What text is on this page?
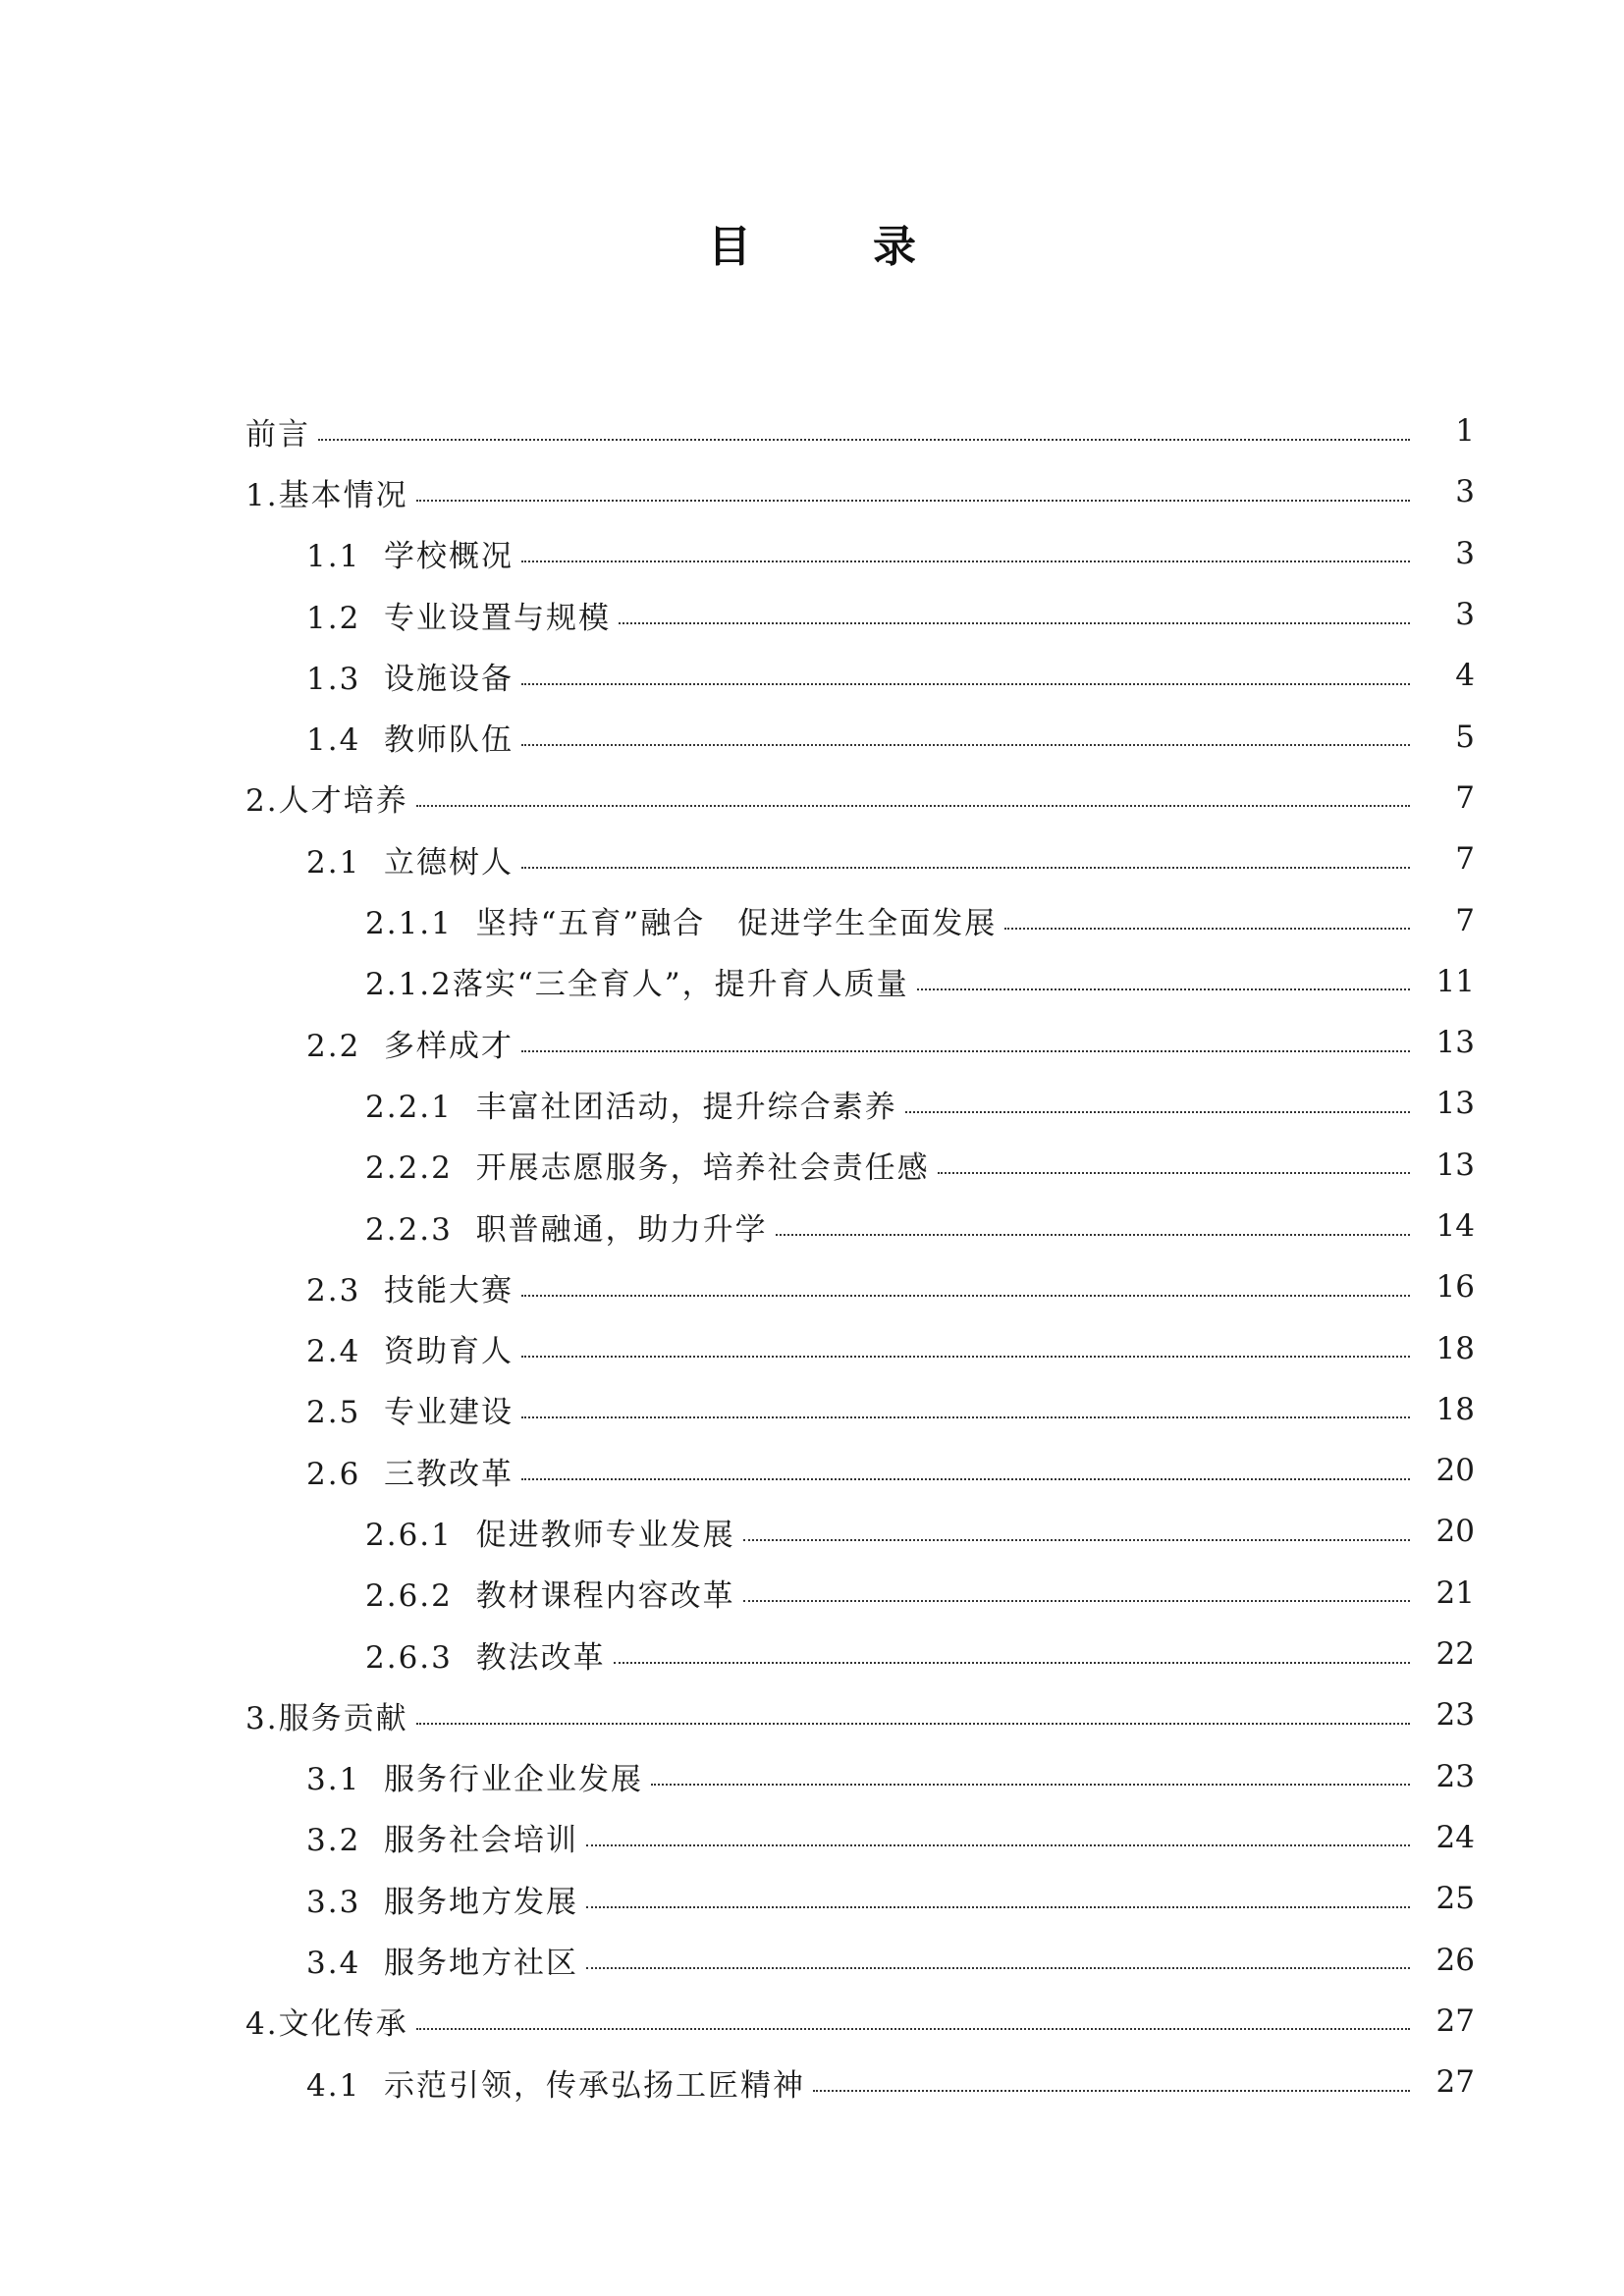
目　录
前言	1
1.基本情况	3
1.1  学校概况	3
1.2  专业设置与规模	3
1.3  设施设备	4
1.4  教师队伍	5
2.人才培养	7
2.1  立德树人	7
2.1.1  坚持“五育”融合　促进学生全面发展	7
2.1.2落实“三全育人”，提升育人质量	11
2.2  多样成才	13
2.2.1  丰富社团活动，提升综合素养	13
2.2.2  开展志愿服务，培养社会责任感	13
2.2.3  职普融通，助力升学	14
2.3  技能大赛	16
2.4  资助育人	18
2.5  专业建设	18
2.6  三教改革	20
2.6.1  促进教师专业发展	20
2.6.2  教材课程内容改革	21
2.6.3  教法改革	22
3.服务贡献	23
3.1  服务行业企业发展	23
3.2  服务社会培训	24
3.3  服务地方发展	25
3.4  服务地方社区	26
4.文化传承	27
4.1  示范引领，传承弘扬工匠精神	27
